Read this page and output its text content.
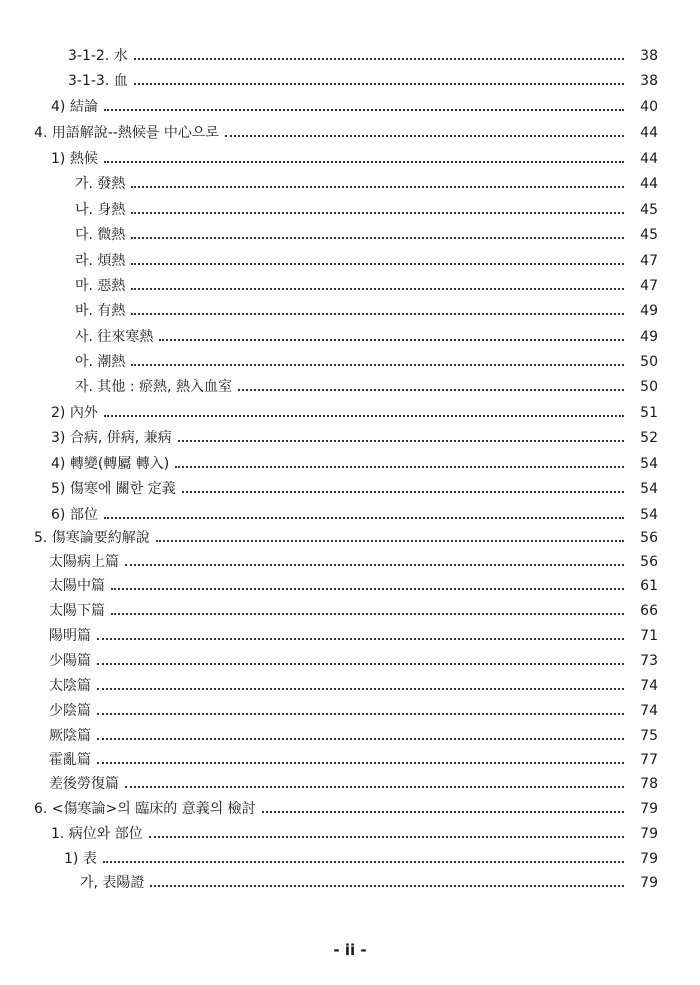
3-1-2. 水	38
3-1-3. 血	38
4) 結論	40
4. 用語解說--熱候를 中心으로	44
1) 熱候	44
가. 發熱	44
나. 身熱	45
다. 微熱	45
라. 煩熱	47
마. 惡熱	47
바. 有熱	49
사. 往來寒熱	49
아. 潮熱	50
자. 其他 : 瘀熱, 熱入血室	50
2) 內外	51
3) 合病, 併病, 兼病	52
4) 轉變(轉屬 轉入)	54
5) 傷寒에 關한 定義	54
6) 部位	54
5. 傷寒論要約解說	56
太陽病上篇	56
太陽中篇	61
太陽下篇	66
陽明篇	71
少陽篇	73
太陰篇	74
少陰篇	74
厥陰篇	75
霍亂篇	77
差後勞復篇	78
6. <傷寒論>의 臨床的 意義의 檢討	79
1. 病位와 部位	79
1) 表	79
가, 表陽證	79
- ii -
